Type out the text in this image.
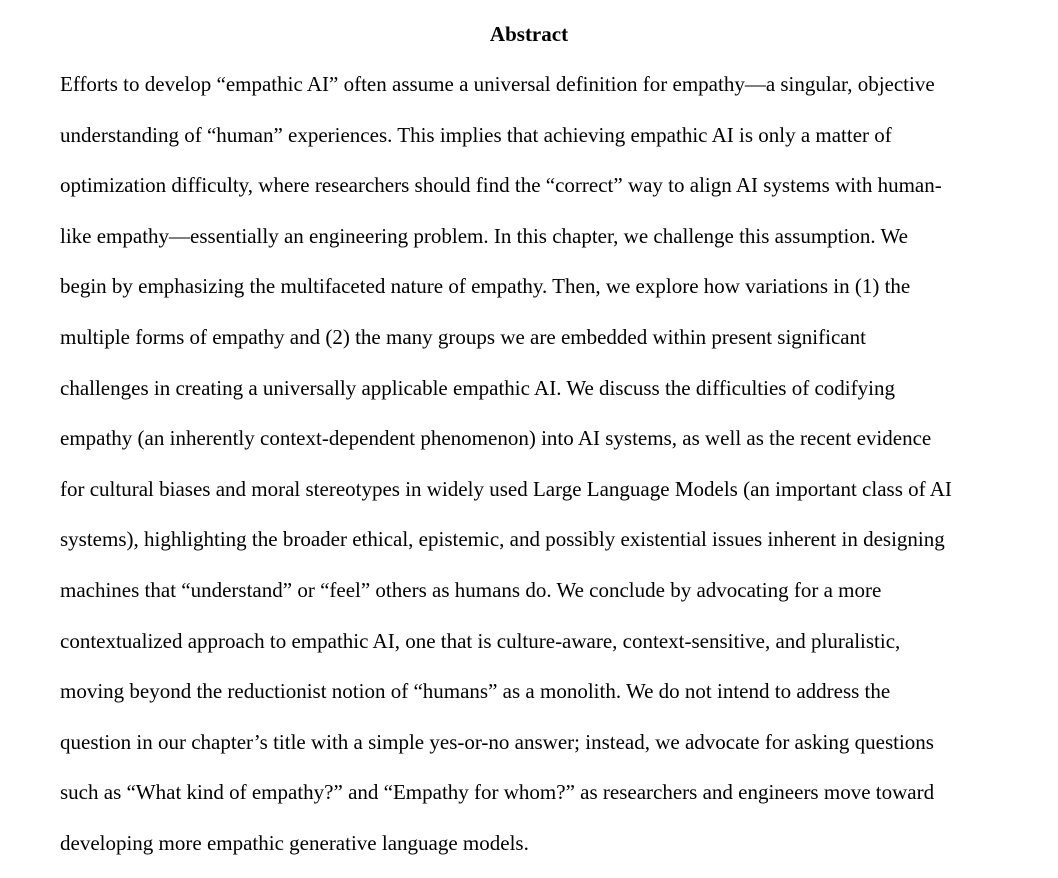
Abstract
Efforts to develop “empathic AI” often assume a universal definition for empathy—a singular, objective
understanding of “human” experiences. This implies that achieving empathic AI is only a matter of
optimization difficulty, where researchers should find the “correct” way to align AI systems with human-
like empathy—essentially an engineering problem. In this chapter, we challenge this assumption. We
begin by emphasizing the multifaceted nature of empathy. Then, we explore how variations in (1) the
multiple forms of empathy and (2) the many groups we are embedded within present significant
challenges in creating a universally applicable empathic AI. We discuss the difficulties of codifying
empathy (an inherently context-dependent phenomenon) into AI systems, as well as the recent evidence
for cultural biases and moral stereotypes in widely used Large Language Models (an important class of AI
systems), highlighting the broader ethical, epistemic, and possibly existential issues inherent in designing
machines that “understand” or “feel” others as humans do. We conclude by advocating for a more
contextualized approach to empathic AI, one that is culture-aware, context-sensitive, and pluralistic,
moving beyond the reductionist notion of “humans” as a monolith. We do not intend to address the
question in our chapter’s title with a simple yes-or-no answer; instead, we advocate for asking questions
such as “What kind of empathy?” and “Empathy for whom?” as researchers and engineers move toward
developing more empathic generative language models.
